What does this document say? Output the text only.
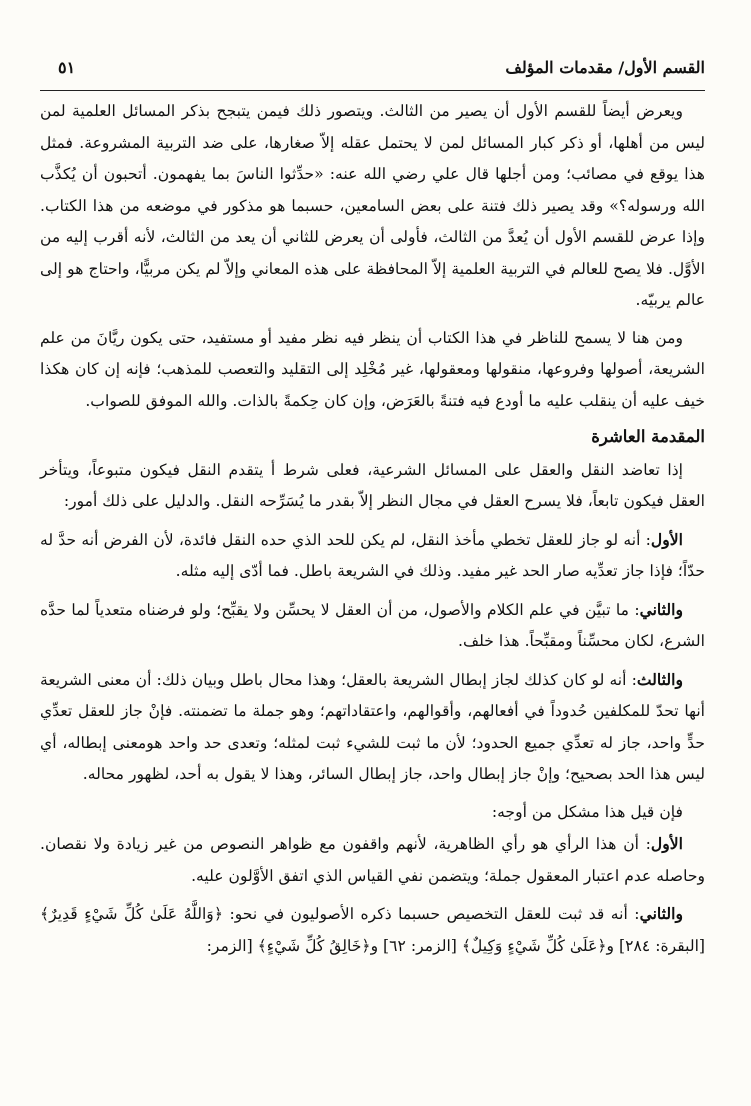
القسم الأول/ مقدمات المؤلف
٥١

ويعرض أيضاً للقسم الأول أن يصير من الثالث. ويتصور ذلك فيمن يتبجح بذكر المسائل العلمية لمن ليس من أهلها، أو ذكر كبار المسائل لمن لا يحتمل عقله إلاّ صغارها، على ضد التربية المشروعة. فمثل هذا يوقع في مصائب؛ ومن أجلها قال علي رضي الله عنه: «حدِّثوا الناسَ بما يفهمون. أتحبون أن يُكذَّب الله ورسوله؟» وقد يصير ذلك فتنة على بعض السامعين، حسبما هو مذكور في موضعه من هذا الكتاب. وإذا عرض للقسم الأول أن يُعدَّ من الثالث، فأولى أن يعرض للثاني أن يعد من الثالث، لأنه أقرب إليه من الأوَّل. فلا يصح للعالم في التربية العلمية إلاّ المحافظة على هذه المعاني وإلاّ لم يكن مربيًّا، واحتاج هو إلى عالم يربيّه.

ومن هنا لا يسمح للناظر في هذا الكتاب أن ينظر فيه نظر مفيد أو مستفيد، حتى يكون ريَّانَ من علم الشريعة، أصولها وفروعها، منقولها ومعقولها، غير مُخْلِد إلى التقليد والتعصب للمذهب؛ فإنه إن كان هكذا خيف عليه أن ينقلب عليه ما أودع فيه فتنةً بالعَرَض، وإن كان حِكمةً بالذات. والله الموفق للصواب.

المقدمة العاشرة

إذا تعاضد النقل والعقل على المسائل الشرعية، فعلى شرط أ يتقدم النقل فيكون متبوعاً، ويتأخر العقل فيكون تابعاً، فلا يسرح العقل في مجال النظر إلاّ بقدر ما يُسَرِّحه النقل. والدليل على ذلك أمور:

الأول: أنه لو جاز للعقل تخطي مأخذ النقل، لم يكن للحد الذي حده النقل فائدة، لأن الفرض أنه حدَّ له حدّاً؛ فإذا جاز تعدِّيه صار الحد غير مفيد. وذلك في الشريعة باطل. فما أدّى إليه مثله.

والثاني: ما تبيَّن في علم الكلام والأصول، من أن العقل لا يحسِّن ولا يقبِّح؛ ولو فرضناه متعدياً لما حدَّه الشرع، لكان محسِّناً ومقبِّحاً. هذا خلف.

والثالث: أنه لو كان كذلك لجاز إبطال الشريعة بالعقل؛ وهذا محال باطل وبيان ذلك: أن معنى الشريعة أنها تحدّ للمكلفين حُدوداً في أفعالهم، وأقوالهم، واعتقاداتهم؛ وهو جملة ما تضمنته. فإنْ جاز للعقل تعدِّي حدٍّ واحد، جاز له تعدِّي جميع الحدود؛ لأن ما ثبت للشيء ثبت لمثله؛ وتعدى حد واحد هومعنى إبطاله، أي ليس هذا الحد بصحيح؛ وإنْ جاز إبطال واحد، جاز إبطال السائر، وهذا لا يقول به أحد، لظهور محاله.

فإن قيل هذا مشكل من أوجه:

الأول: أن هذا الرأي هو رأي الظاهرية، لأنهم واقفون مع ظواهر النصوص من غير زيادة ولا نقصان. وحاصله عدم اعتبار المعقول جملة؛ ويتضمن نفي القياس الذي اتفق الأوَّلون عليه.

والثاني: أنه قد ثبت للعقل التخصيص حسبما ذكره الأصوليون في نحو: ﴿وَاللَّهُ عَلَىٰ كُلِّ شَيْءٍ قَدِيرٌ﴾ [البقرة: ٢٨٤] و﴿عَلَىٰ كُلِّ شَيْءٍ وَكِيلٌ﴾ [الزمر: ٦٢] و﴿خَالِقُ كُلِّ شَيْءٍ﴾ [الزمر:
